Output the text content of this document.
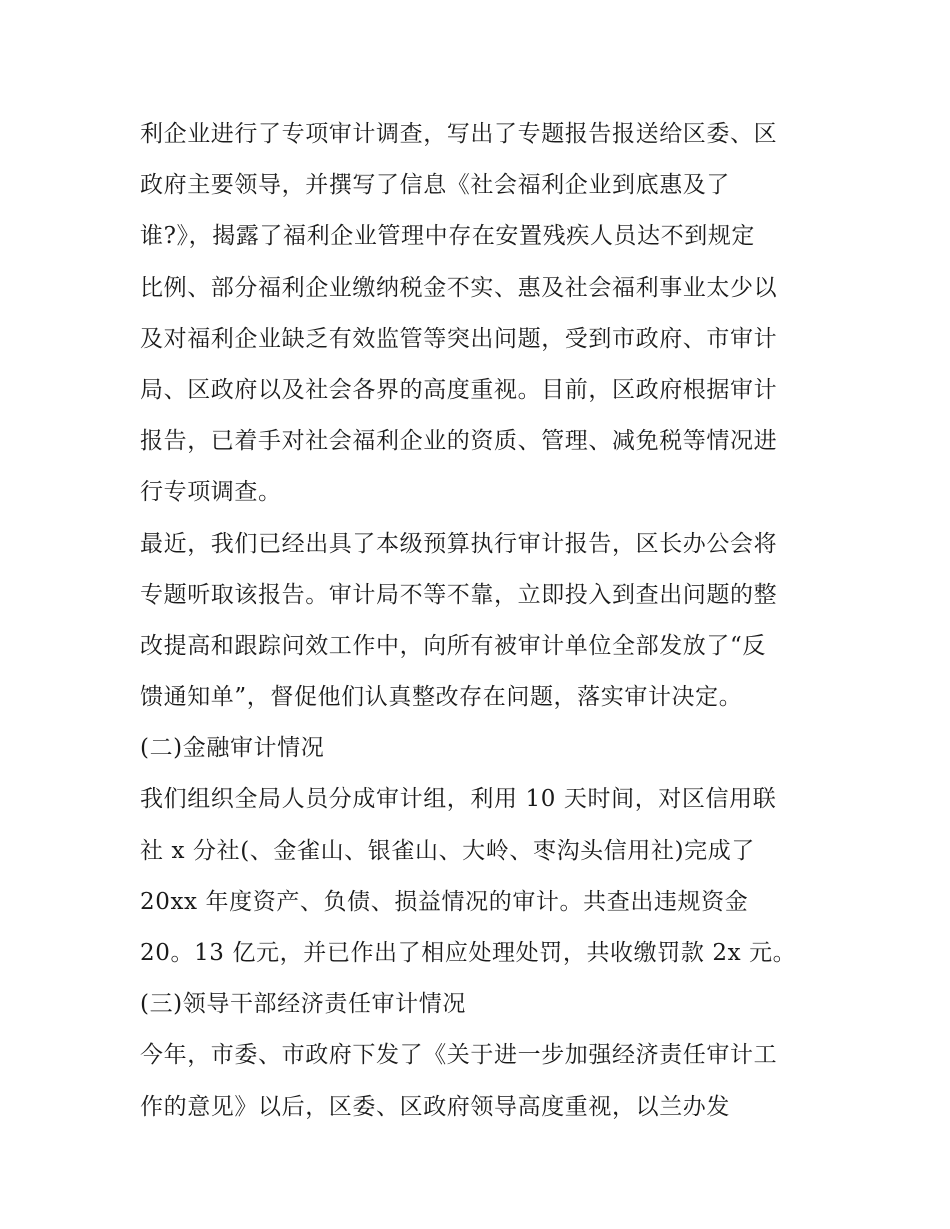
利企业进行了专项审计调查，写出了专题报告报送给区委、区
政府主要领导，并撰写了信息《社会福利企业到底惠及了
谁?》，揭露了福利企业管理中存在安置残疾人员达不到规定
比例、部分福利企业缴纳税金不实、惠及社会福利事业太少以
及对福利企业缺乏有效监管等突出问题，受到市政府、市审计
局、区政府以及社会各界的高度重视。目前，区政府根据审计
报告，已着手对社会福利企业的资质、管理、减免税等情况进
行专项调查。
最近，我们已经出具了本级预算执行审计报告，区长办公会将
专题听取该报告。审计局不等不靠，立即投入到查出问题的整
改提高和跟踪问效工作中，向所有被审计单位全部发放了“反
馈通知单”，督促他们认真整改存在问题，落实审计决定。
(二)金融审计情况
我们组织全局人员分成审计组，利用 10 天时间，对区信用联
社 x 分社(、金雀山、银雀山、大岭、枣沟头信用社)完成了
20xx 年度资产、负债、损益情况的审计。共查出违规资金
20。13 亿元，并已作出了相应处理处罚，共收缴罚款 2x 元。
(三)领导干部经济责任审计情况
今年，市委、市政府下发了《关于进一步加强经济责任审计工
作的意见》以后，区委、区政府领导高度重视，以兰办发
